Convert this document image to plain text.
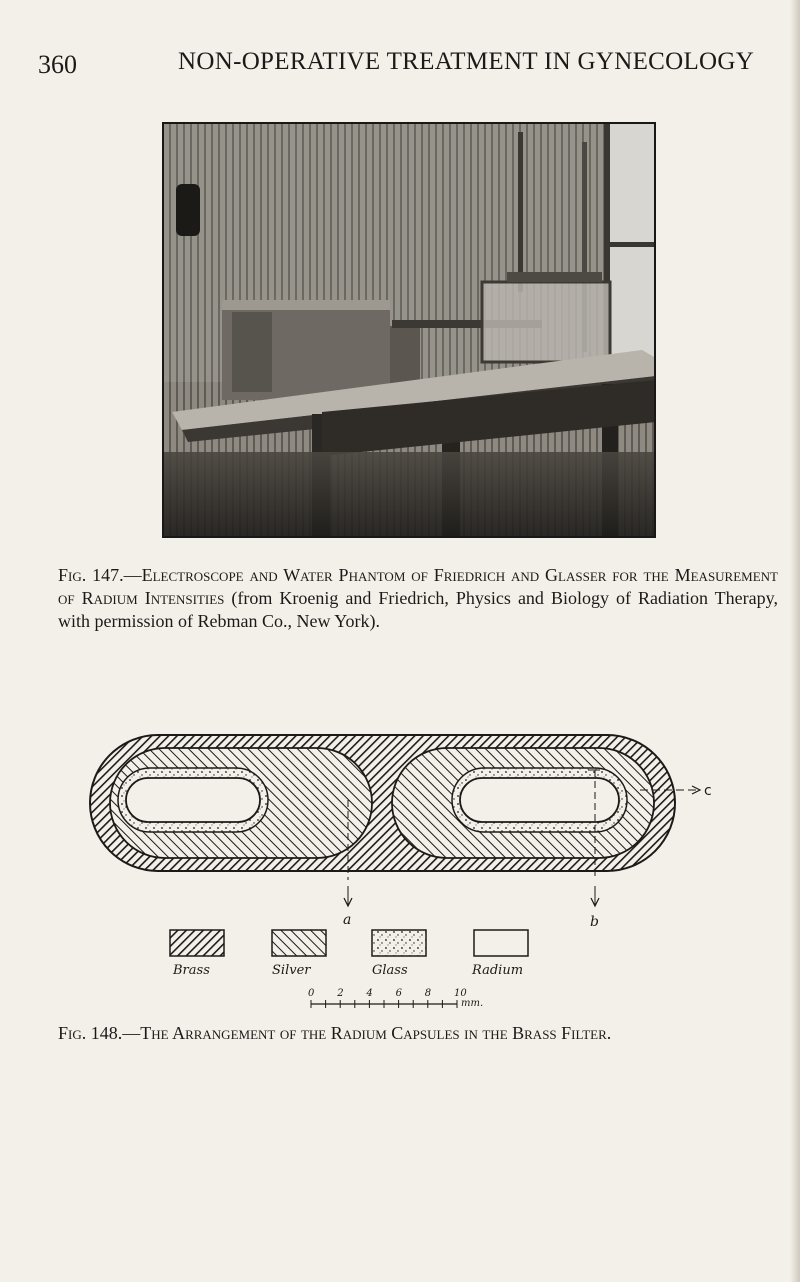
360	NON-OPERATIVE TREATMENT IN GYNECOLOGY
Fig. 147.—Electroscope and Water Phantom of Friedrich and Glasser for the Measurement of Radium Intensities (from Kroenig and Friedrich, Physics and Biology of Radiation Therapy, with permission of Rebman Co., New York).
a	b
c
Brass	Silver	Glass	Radium
0 2 4 6 8 10
mm.
Fig. 148.—The Arrangement of the Radium Capsules in the Brass Filter.
